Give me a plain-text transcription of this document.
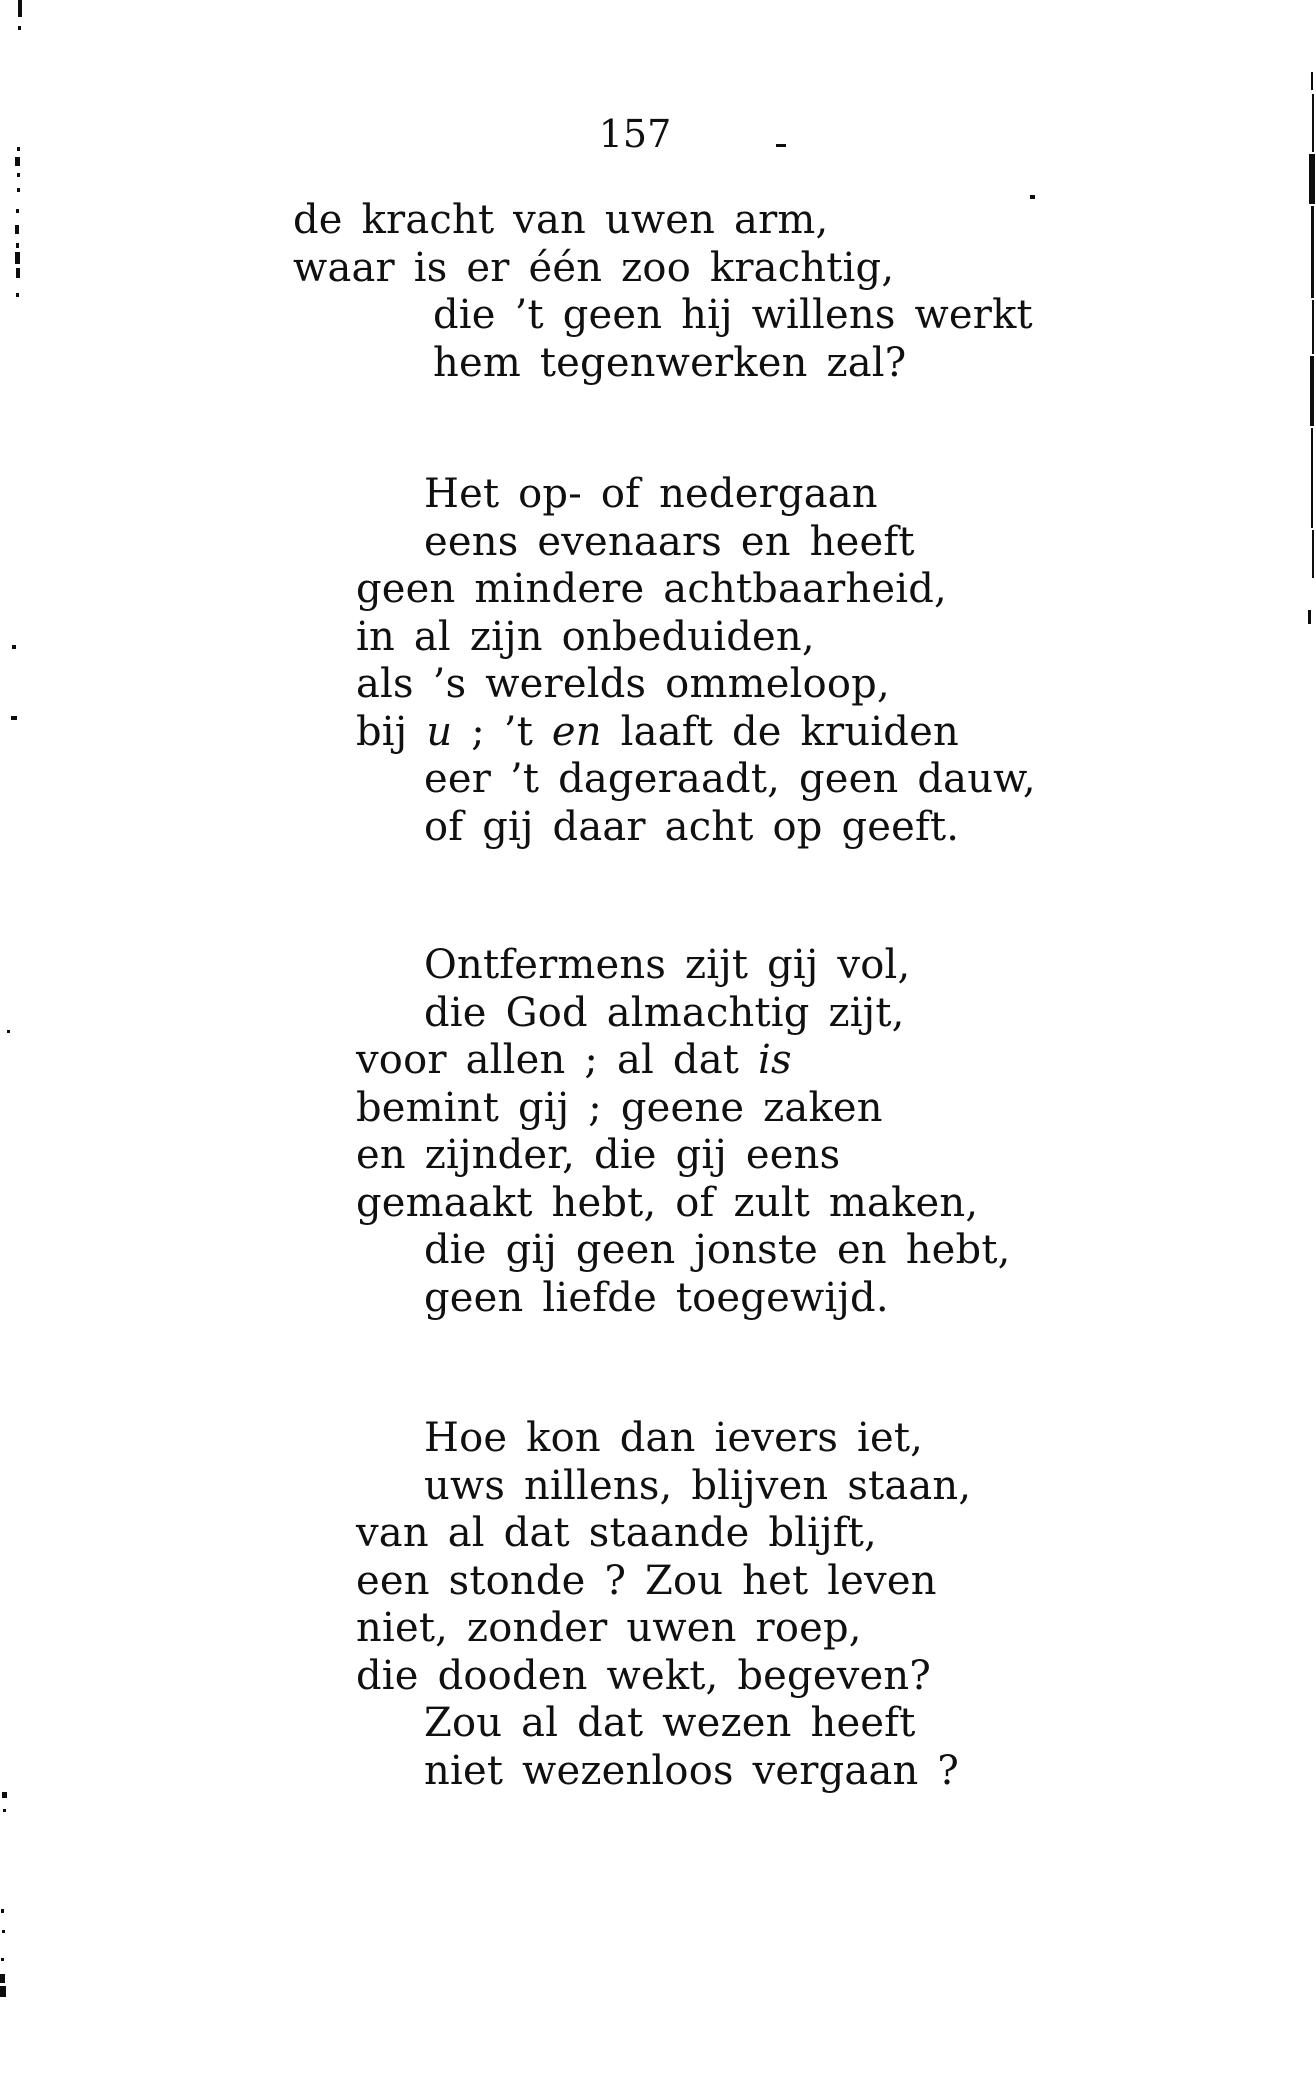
157
de kracht van uwen arm,
waar is er één zoo krachtig,
die ’t geen hij willens werkt
hem tegenwerken zal?
Het op- of nedergaan
eens evenaars en heeft
geen mindere achtbaarheid,
in al zijn onbeduiden,
als ’s werelds ommeloop,
bij u ; ’t en laaft de kruiden
eer ’t dageraadt, geen dauw,
of gij daar acht op geeft.
Ontfermens zijt gij vol,
die God almachtig zijt,
voor allen ; al dat is
bemint gij ; geene zaken
en zijnder, die gij eens
gemaakt hebt, of zult maken,
die gij geen jonste en hebt,
geen liefde toegewijd.
Hoe kon dan ievers iet,
uws nillens, blijven staan,
van al dat staande blijft,
een stonde ? Zou het leven
niet, zonder uwen roep,
die dooden wekt, begeven?
Zou al dat wezen heeft
niet wezenloos vergaan ?
